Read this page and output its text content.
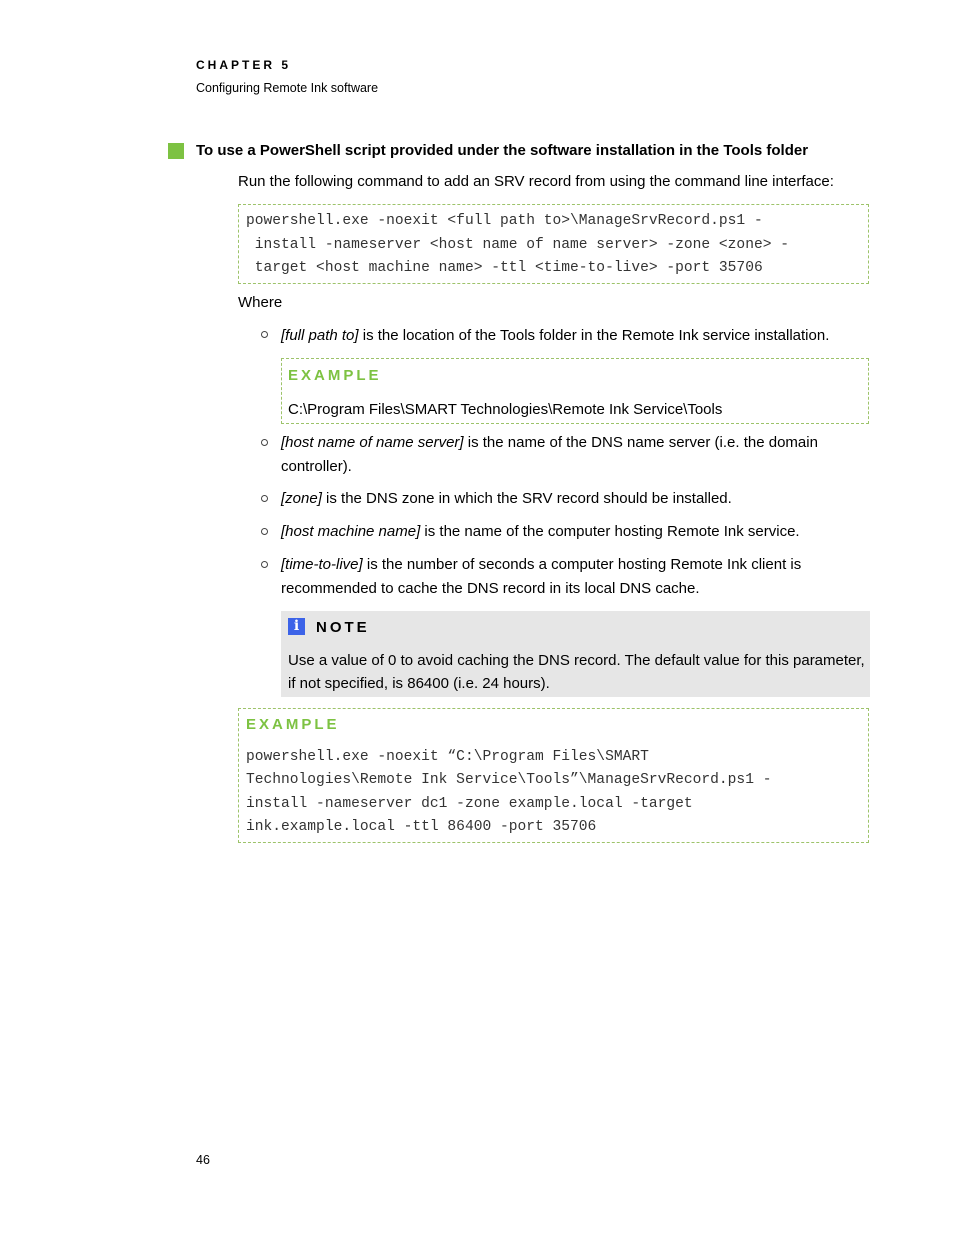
CHAPTER 5
Configuring Remote Ink software
To use a PowerShell script provided under the software installation in the Tools folder
Run the following command to add an SRV record from using the command line interface:
powershell.exe -noexit <full path to>\ManageSrvRecord.ps1 -
install -nameserver <host name of name server> -zone <zone> -
target <host machine name> -ttl <time-to-live> -port 35706
Where
[full path to] is the location of the Tools folder in the Remote Ink service installation.
EXAMPLE
C:\Program Files\SMART Technologies\Remote Ink Service\Tools
[host name of name server] is the name of the DNS name server (i.e. the domain
controller).
[zone] is the DNS zone in which the SRV record should be installed.
[host machine name] is the name of the computer hosting Remote Ink service.
[time-to-live] is the number of seconds a computer hosting Remote Ink client is
recommended to cache the DNS record in its local DNS cache.
i	NOTE
Use a value of 0 to avoid caching the DNS record. The default value for this parameter,
if not specified, is 86400 (i.e. 24 hours).
EXAMPLE
powershell.exe -noexit “C:\Program Files\SMART
Technologies\Remote Ink Service\Tools”\ManageSrvRecord.ps1 -
install -nameserver dc1 -zone example.local -target
ink.example.local -ttl 86400 -port 35706
46
